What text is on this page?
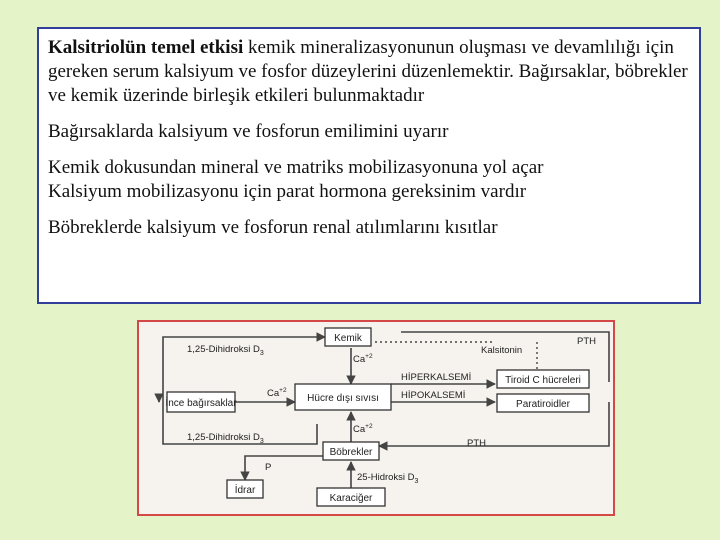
Kalsitriolün temel etkisi kemik mineralizasyonunun oluşması ve devamlılığı için gereken serum kalsiyum ve fosfor düzeylerini düzenlemektir. Bağırsaklar, böbrekler ve kemik üzerinde birleşik etkileri bulunmaktadır

Bağırsaklarda kalsiyum ve fosforun emilimini uyarır

Kemik dokusundan mineral ve matriks mobilizasyonuna yol açar
Kalsiyum mobilizasyonu için parat hormona gereksinim vardır

Böbreklerde kalsiyum ve fosforun renal atılımlarını kısıtlar

Kemik
Hücre dışı sıvısı
İnce bağırsaklar
Böbrekler
İdrar
Karaciğer
Tiroid C hücreleri
Paratiroidler
1,25-Dihidroksi $D_3$
1,25-Dihidroksi $D_3$
$Ca^{+2}$
$Ca^{+2}$
$Ca^{+2}$
PTH
PTH
Kalsitonin
HİPERKALSEMİ
HİPOKALSEMİ
P
25-Hidroksi $D_3$
